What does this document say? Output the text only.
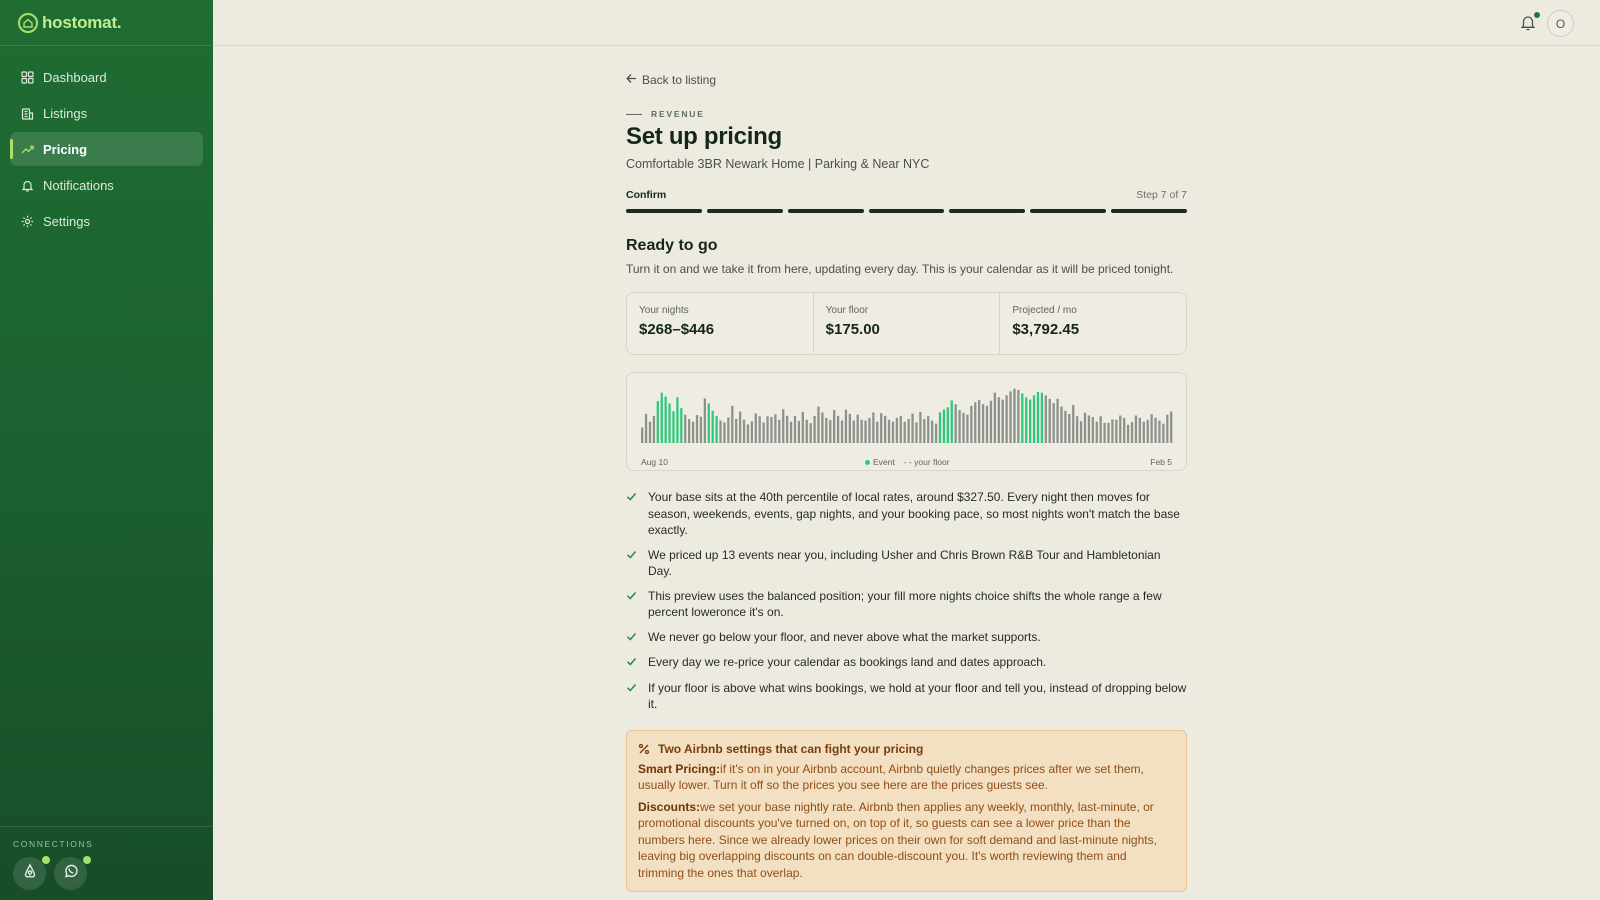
hostomat.
Dashboard
Listings
Pricing
Notifications
Settings
CONNECTIONS
O
Back to listing
REVENUE
Set up pricing
Comfortable 3BR Newark Home | Parking & Near NYC
Confirm	Step 7 of 7
Ready to go
Turn it on and we take it from here, updating every day. This is your calendar as it will be priced tonight.
Your nights
$268–$446
Your floor
$175.00
Projected / mo
$3,792.45
Aug 10	Event - - your floor	Feb 5
Your base sits at the 40th percentile of local rates, around $327.50. Every night then moves for season, weekends, events, gap nights, and your booking pace, so most nights won't match the base exactly.
We priced up 13 events near you, including Usher and Chris Brown R&B Tour and Hambletonian Day.
This preview uses the balanced position; your fill more nights choice shifts the whole range a few percent loweronce it's on.
We never go below your floor, and never above what the market supports.
Every day we re-price your calendar as bookings land and dates approach.
If your floor is above what wins bookings, we hold at your floor and tell you, instead of dropping below it.
Two Airbnb settings that can fight your pricing

Smart Pricing:if it's on in your Airbnb account, Airbnb quietly changes prices after we set them, usually lower. Turn it off so the prices you see here are the prices guests see.

Discounts:we set your base nightly rate. Airbnb then applies any weekly, monthly, last-minute, or promotional discounts you've turned on, on top of it, so guests can see a lower price than the numbers here. Since we already lower prices on their own for soft demand and last-minute nights, leaving big overlapping discounts on can double-discount you. It's worth reviewing them and trimming the ones that overlap.
